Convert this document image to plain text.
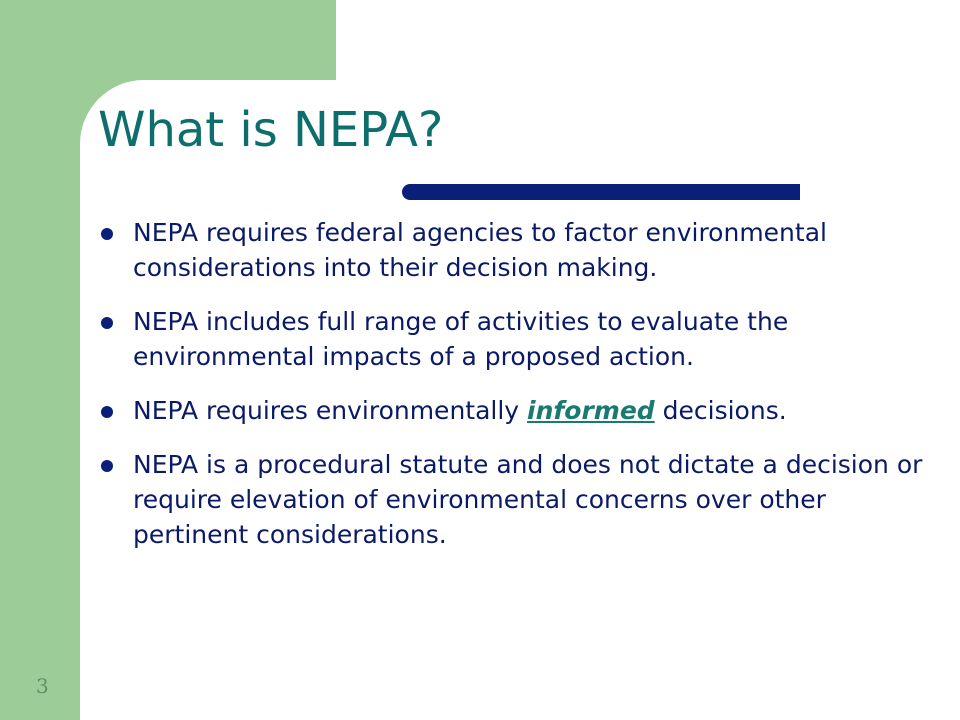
What is NEPA?
NEPA requires federal agencies to factor environmental considerations into their decision making.
NEPA includes full range of activities to evaluate the environmental impacts of a proposed action.
NEPA requires environmentally informed decisions.
NEPA is a procedural statute and does not dictate a decision or require elevation of environmental concerns over other pertinent considerations.
3
